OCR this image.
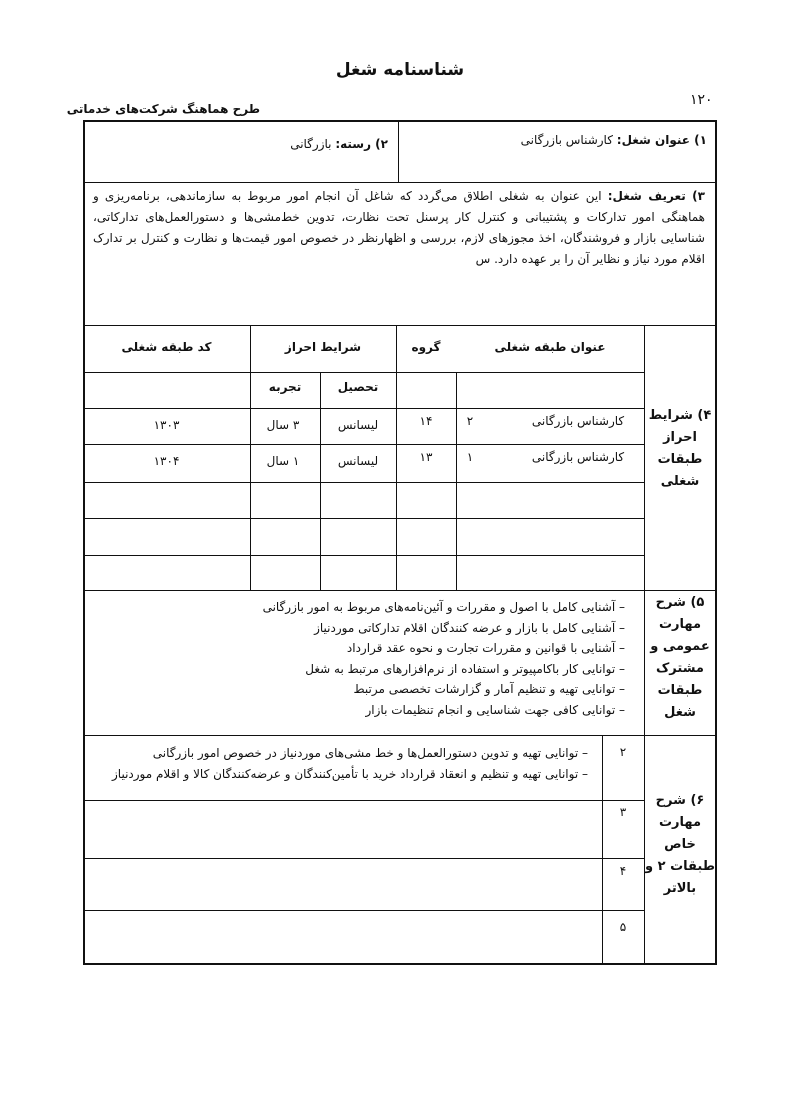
شناسنامه شغل
۱۲۰
طرح هماهنگ شرکت‌های خدماتی
۱) عنوان شغل: کارشناس بازرگانی
۲) رسته: بازرگانی
۳) تعریف شغل: این عنوان به شغلی اطلاق می‌گردد که شاغل آن انجام امور مربوط به سازماندهی، برنامه‌ریزی و هماهنگی امور تدارکات و پشتیبانی و کنترل کار پرسنل تحت نظارت، تدوین خط‌مشی‌ها و دستورالعمل‌های تدارکاتی، شناسایی بازار و فروشندگان، اخذ مجوزهای لازم، بررسی و اظهارنظر در خصوص امور قیمت‌ها و نظارت و کنترل بر تدارک اقلام مورد نیاز و نظایر آن را بر عهده دارد. س
۴) شرایط احراز طبقات شغلی
عنوان طبقه شغلی
گروه
شرایط احراز
کد طبقه شغلی
تحصیل
تجربه
کارشناس بازرگانی
۲
۱۴
لیسانس
۳ سال
۱۳۰۳
کارشناس بازرگانی
۱
۱۳
لیسانس
۱ سال
۱۳۰۴
۵) شرح مهارت عمومی و مشترک طبقات شغل
– آشنایی کامل با اصول و مقررات و آئین‌نامه‌های مربوط به امور بازرگانی
– آشنایی کامل با بازار و عرضه کنندگان اقلام تدارکاتی موردنیاز
– آشنایی با قوانین و مقررات تجارت و نحوه عقد قرارداد
– توانایی کار باکامپیوتر و استفاده از نرم‌افزارهای مرتبط به شغل
– توانایی تهیه و تنظیم آمار و گزارشات تخصصی مرتبط
– توانایی کافی جهت شناسایی و انجام تنظیمات بازار
۶) شرح مهارت خاص طبقات ۲ و بالاتر
۲
– توانایی تهیه و تدوین دستورالعمل‌ها و خط مشی‌های موردنیاز در خصوص امور بازرگانی
– توانایی تهیه و تنظیم و انعقاد قرارداد خرید با تأمین‌کنندگان و عرضه‌کنندگان کالا و اقلام موردنیاز
۳
۴
۵
